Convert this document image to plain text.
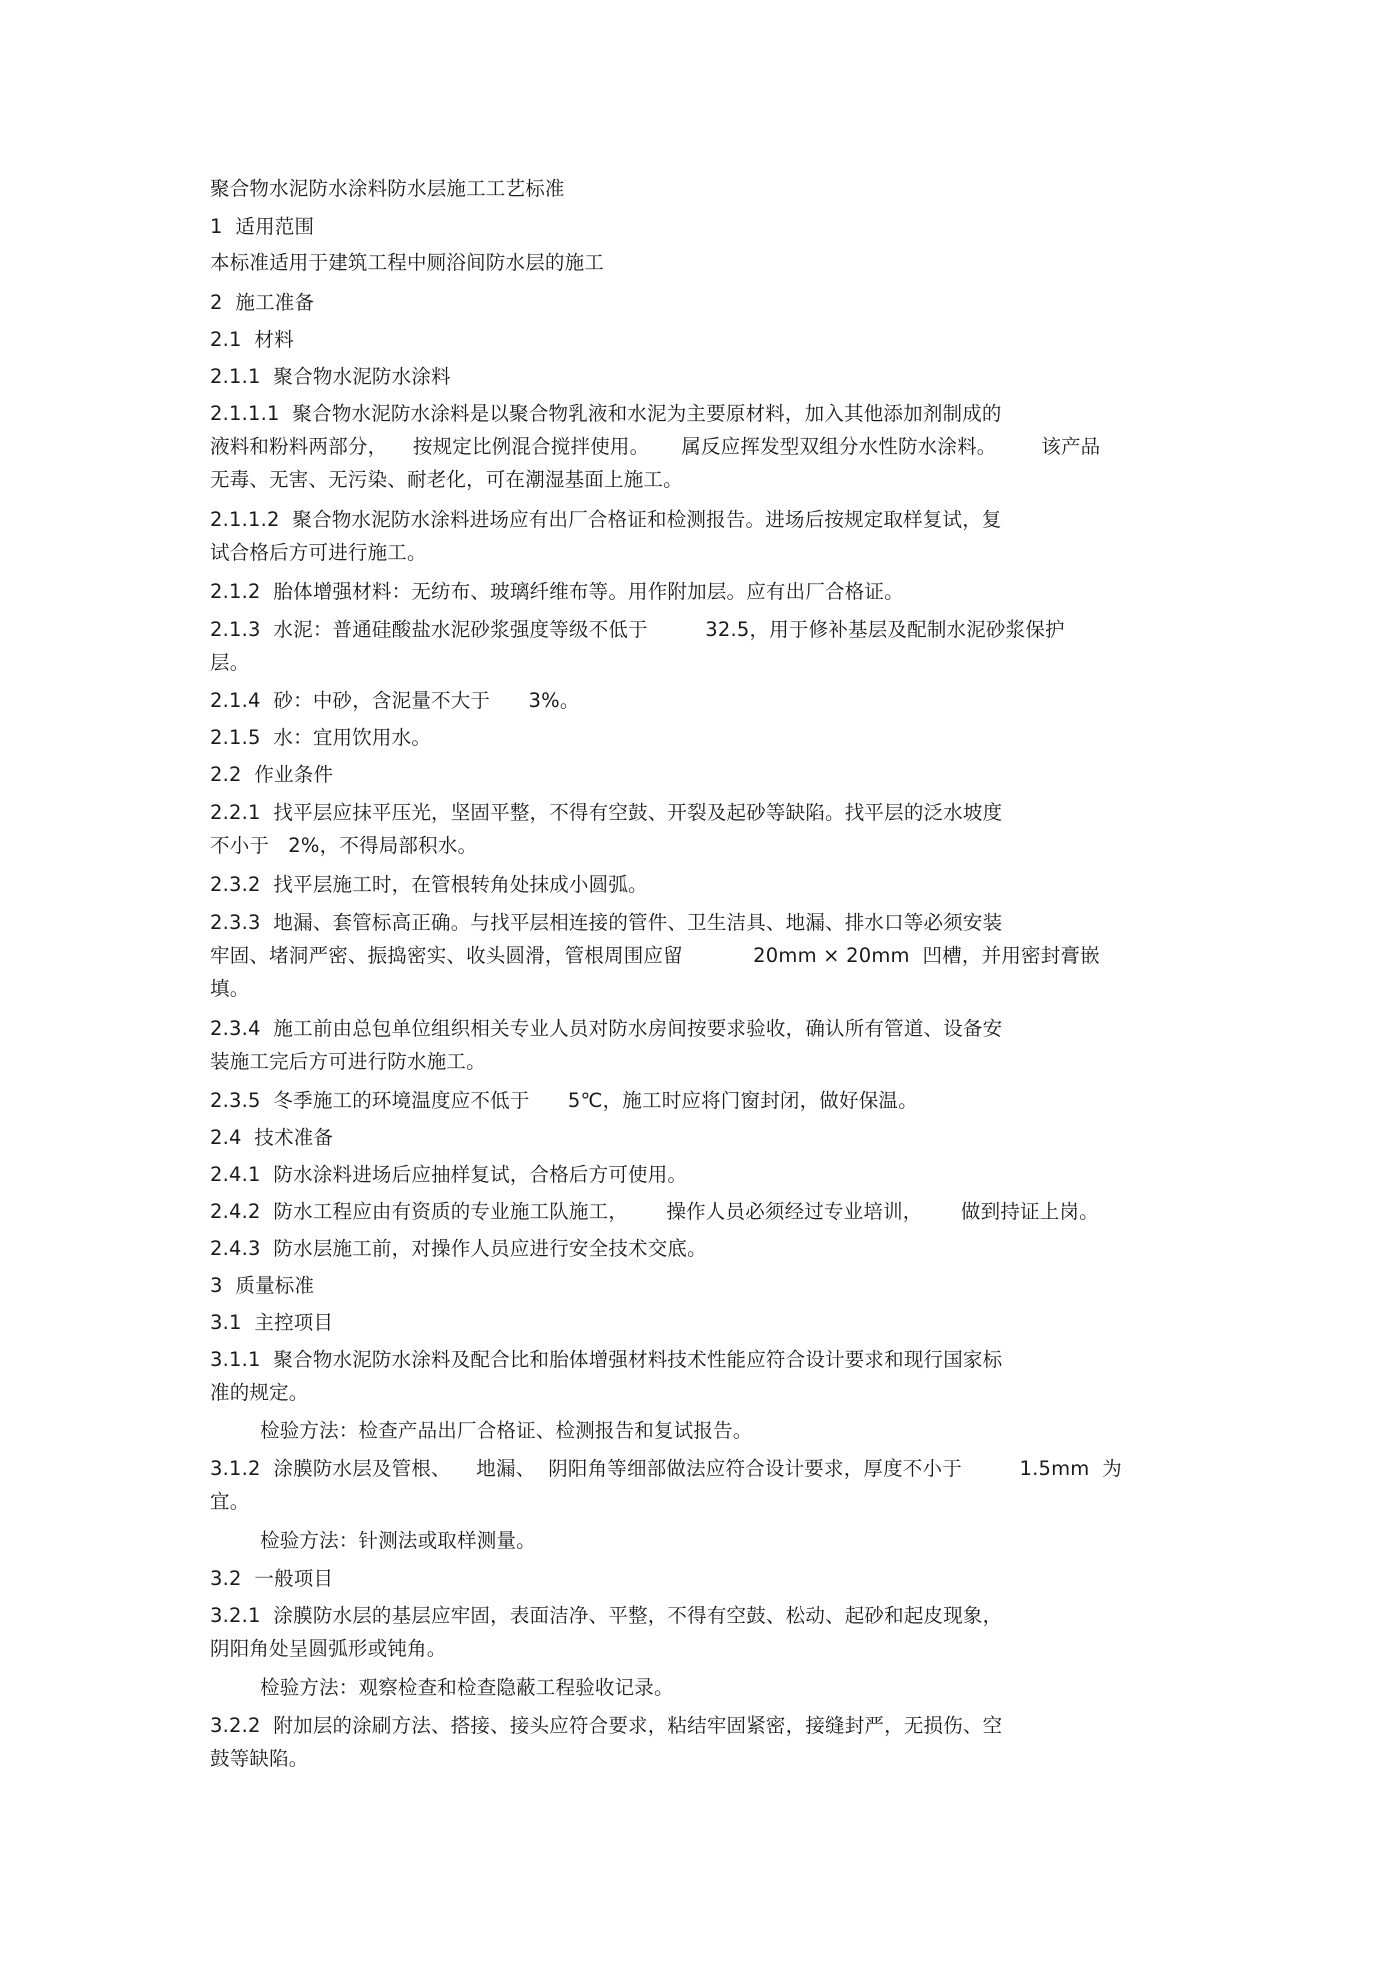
聚合物水泥防水涂料防水层施工工艺标准
1  适用范围
本标准适用于建筑工程中厕浴间防水层的施工
2  施工准备
2.1  材料
2.1.1  聚合物水泥防水涂料
2.1.1.1  聚合物水泥防水涂料是以聚合物乳液和水泥为主要原材料，加入其他添加剂制成的
液料和粉料两部分，    按规定比例混合搅拌使用。     属反应挥发型双组分水性防水涂料。       该产品
无毒、无害、无污染、耐老化，可在潮湿基面上施工。
2.1.1.2  聚合物水泥防水涂料进场应有出厂合格证和检测报告。进场后按规定取样复试，复
试合格后方可进行施工。
2.1.2  胎体增强材料：无纺布、玻璃纤维布等。用作附加层。应有出厂合格证。
2.1.3  水泥：普通硅酸盐水泥砂浆强度等级不低于         32.5，用于修补基层及配制水泥砂浆保护
层。
2.1.4  砂：中砂，含泥量不大于      3%。
2.1.5  水：宜用饮用水。
2.2  作业条件
2.2.1  找平层应抹平压光，坚固平整，不得有空鼓、开裂及起砂等缺陷。找平层的泛水坡度
不小于   2%，不得局部积水。
2.3.2  找平层施工时，在管根转角处抹成小圆弧。
2.3.3  地漏、套管标高正确。与找平层相连接的管件、卫生洁具、地漏、排水口等必须安装
牢固、堵洞严密、振捣密实、收头圆滑，管根周围应留           20mm × 20mm  凹槽，并用密封膏嵌
填。
2.3.4  施工前由总包单位组织相关专业人员对防水房间按要求验收，确认所有管道、设备安
装施工完后方可进行防水施工。
2.3.5  冬季施工的环境温度应不低于      5℃，施工时应将门窗封闭，做好保温。
2.4  技术准备
2.4.1  防水涂料进场后应抽样复试，合格后方可使用。
2.4.2  防水工程应由有资质的专业施工队施工，      操作人员必须经过专业培训，      做到持证上岗。
2.4.3  防水层施工前，对操作人员应进行安全技术交底。
3  质量标准
3.1  主控项目
3.1.1  聚合物水泥防水涂料及配合比和胎体增强材料技术性能应符合设计要求和现行国家标
准的规定。
检验方法：检查产品出厂合格证、检测报告和复试报告。
3.1.2  涂膜防水层及管根、    地漏、  阴阳角等细部做法应符合设计要求，厚度不小于         1.5mm  为
宜。
检验方法：针测法或取样测量。
3.2  一般项目
3.2.1  涂膜防水层的基层应牢固，表面洁净、平整，不得有空鼓、松动、起砂和起皮现象，
阴阳角处呈圆弧形或钝角。
检验方法：观察检查和检查隐蔽工程验收记录。
3.2.2  附加层的涂刷方法、搭接、接头应符合要求，粘结牢固紧密，接缝封严，无损伤、空
鼓等缺陷。
